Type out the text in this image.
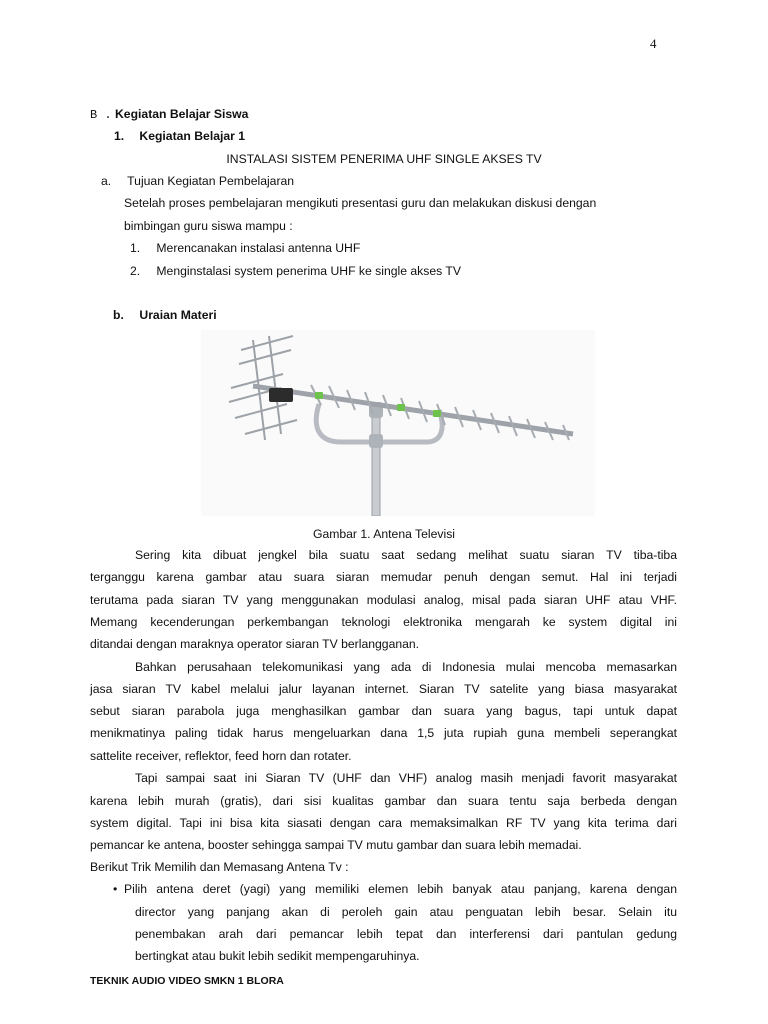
4
B . Kegiatan Belajar Siswa
1. Kegiatan Belajar 1
INSTALASI SISTEM PENERIMA UHF SINGLE AKSES TV
a. Tujuan Kegiatan Pembelajaran
Setelah proses pembelajaran mengikuti presentasi guru dan melakukan diskusi dengan
bimbingan guru siswa mampu :
1. Merencanakan instalasi antenna UHF
2. Menginstalasi system penerima UHF ke single akses TV
b. Uraian Materi
Gambar 1. Antena Televisi
Sering kita dibuat jengkel bila suatu saat sedang melihat suatu siaran TV tiba-tiba
terganggu karena gambar atau suara siaran memudar penuh dengan semut. Hal ini terjadi
terutama pada siaran TV yang menggunakan modulasi analog, misal pada siaran UHF atau VHF.
Memang kecenderungan perkembangan teknologi elektronika mengarah ke system digital ini
ditandai dengan maraknya operator siaran TV berlangganan.
Bahkan perusahaan telekomunikasi yang ada di Indonesia mulai mencoba memasarkan
jasa siaran TV kabel melalui jalur layanan internet. Siaran TV satelite yang biasa masyarakat
sebut siaran parabola juga menghasilkan gambar dan suara yang bagus, tapi untuk dapat
menikmatinya paling tidak harus mengeluarkan dana 1,5 juta rupiah guna membeli seperangkat
sattelite receiver, reflektor, feed horn dan rotater.
Tapi sampai saat ini Siaran TV (UHF dan VHF) analog masih menjadi favorit masyarakat
karena lebih murah (gratis), dari sisi kualitas gambar dan suara tentu saja berbeda dengan
system digital. Tapi ini bisa kita siasati dengan cara memaksimalkan RF TV yang kita terima dari
pemancar ke antena, booster sehingga sampai TV mutu gambar dan suara lebih memadai.
Berikut Trik Memilih dan Memasang Antena Tv :
• Pilih antena deret (yagi) yang memiliki elemen lebih banyak atau panjang, karena dengan
director yang panjang akan di peroleh gain atau penguatan lebih besar. Selain itu
penembakan arah dari pemancar lebih tepat dan interferensi dari pantulan gedung
bertingkat atau bukit lebih sedikit mempengaruhinya.
TEKNIK AUDIO VIDEO SMKN 1 BLORA
